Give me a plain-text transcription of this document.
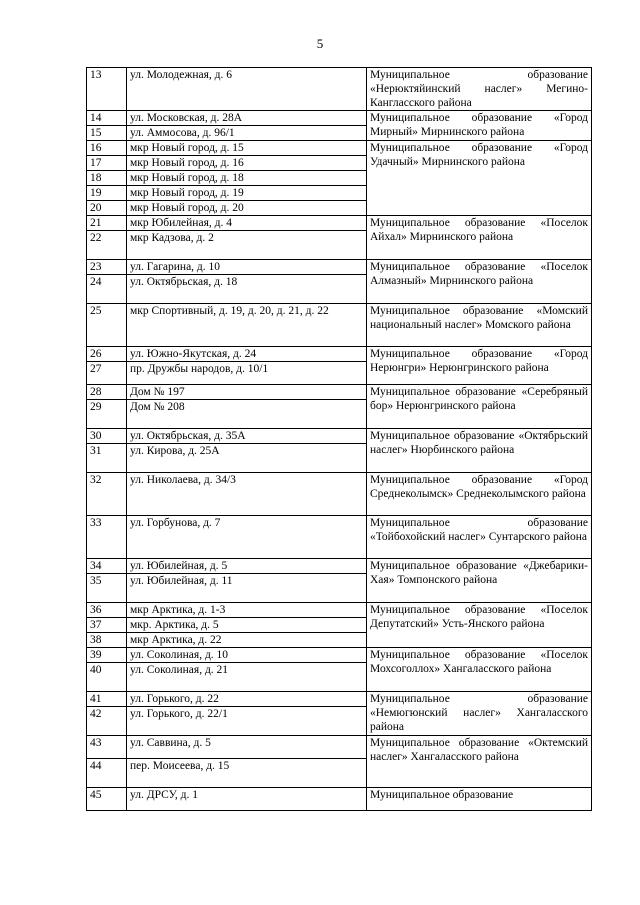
5
13	ул. Молодежная, д. 6	Муниципальное образование «Нерюктяйинский наслег» Мегино-Кангласского района
14	ул. Московская, д. 28А	Муниципальное образование «Город Мирный» Мирнинского района
15	ул. Аммосова, д. 96/1	
16	мкр Новый город, д. 15	Муниципальное образование «Город Удачный» Мирнинского района
17	мкр Новый город, д. 16	
18	мкр Новый город, д. 18	
19	мкр Новый город, д. 19	
20	мкр Новый город, д. 20	
21	мкр Юбилейная, д. 4	Муниципальное образование «Поселок Айхал» Мирнинского района
22	мкр Кадзова, д. 2	
23	ул. Гагарина, д. 10	Муниципальное образование «Поселок Алмазный» Мирнинского района
24	ул. Октябрьская, д. 18	
25	мкр Спортивный, д. 19, д. 20, д. 21, д. 22	Муниципальное образование «Момский национальный наслег» Момского района
26	ул. Южно-Якутская, д. 24	Муниципальное образование «Город Нерюнгри» Нерюнгринского района
27	пр. Дружбы народов, д. 10/1	
28	Дом № 197	Муниципальное образование «Серебряный бор» Нерюнгринского района
29	Дом № 208	
30	ул. Октябрьская, д. 35А	Муниципальное образование «Октябрьский наслег» Нюрбинского района
31	ул. Кирова, д. 25А	
32	ул. Николаева, д. 34/3	Муниципальное образование «Город Среднеколымск» Среднеколымского района
33	ул. Горбунова, д. 7	Муниципальное образование «Тойбохойский наслег» Сунтарского района
34	ул. Юбилейная, д. 5	Муниципальное образование «Джебарики-Хая» Томпонского района
35	ул. Юбилейная, д. 11	
36	мкр Арктика, д. 1-3	Муниципальное образование «Поселок Депутатский» Усть-Янского района
37	мкр. Арктика, д. 5	
38	мкр Арктика, д. 22	
39	ул. Соколиная, д. 10	Муниципальное образование «Поселок Мохсоголлох» Хангаласского района
40	ул. Соколиная, д. 21	
41	ул. Горького, д. 22	Муниципальное образование «Немюгюнский наслег» Хангаласского района
42	ул. Горького, д. 22/1	
43	ул. Саввина, д. 5	Муниципальное образование «Октемский наслег» Хангаласского района
44	пер. Моисеева, д. 15	
45	ул. ДРСУ, д. 1	Муниципальное образование
